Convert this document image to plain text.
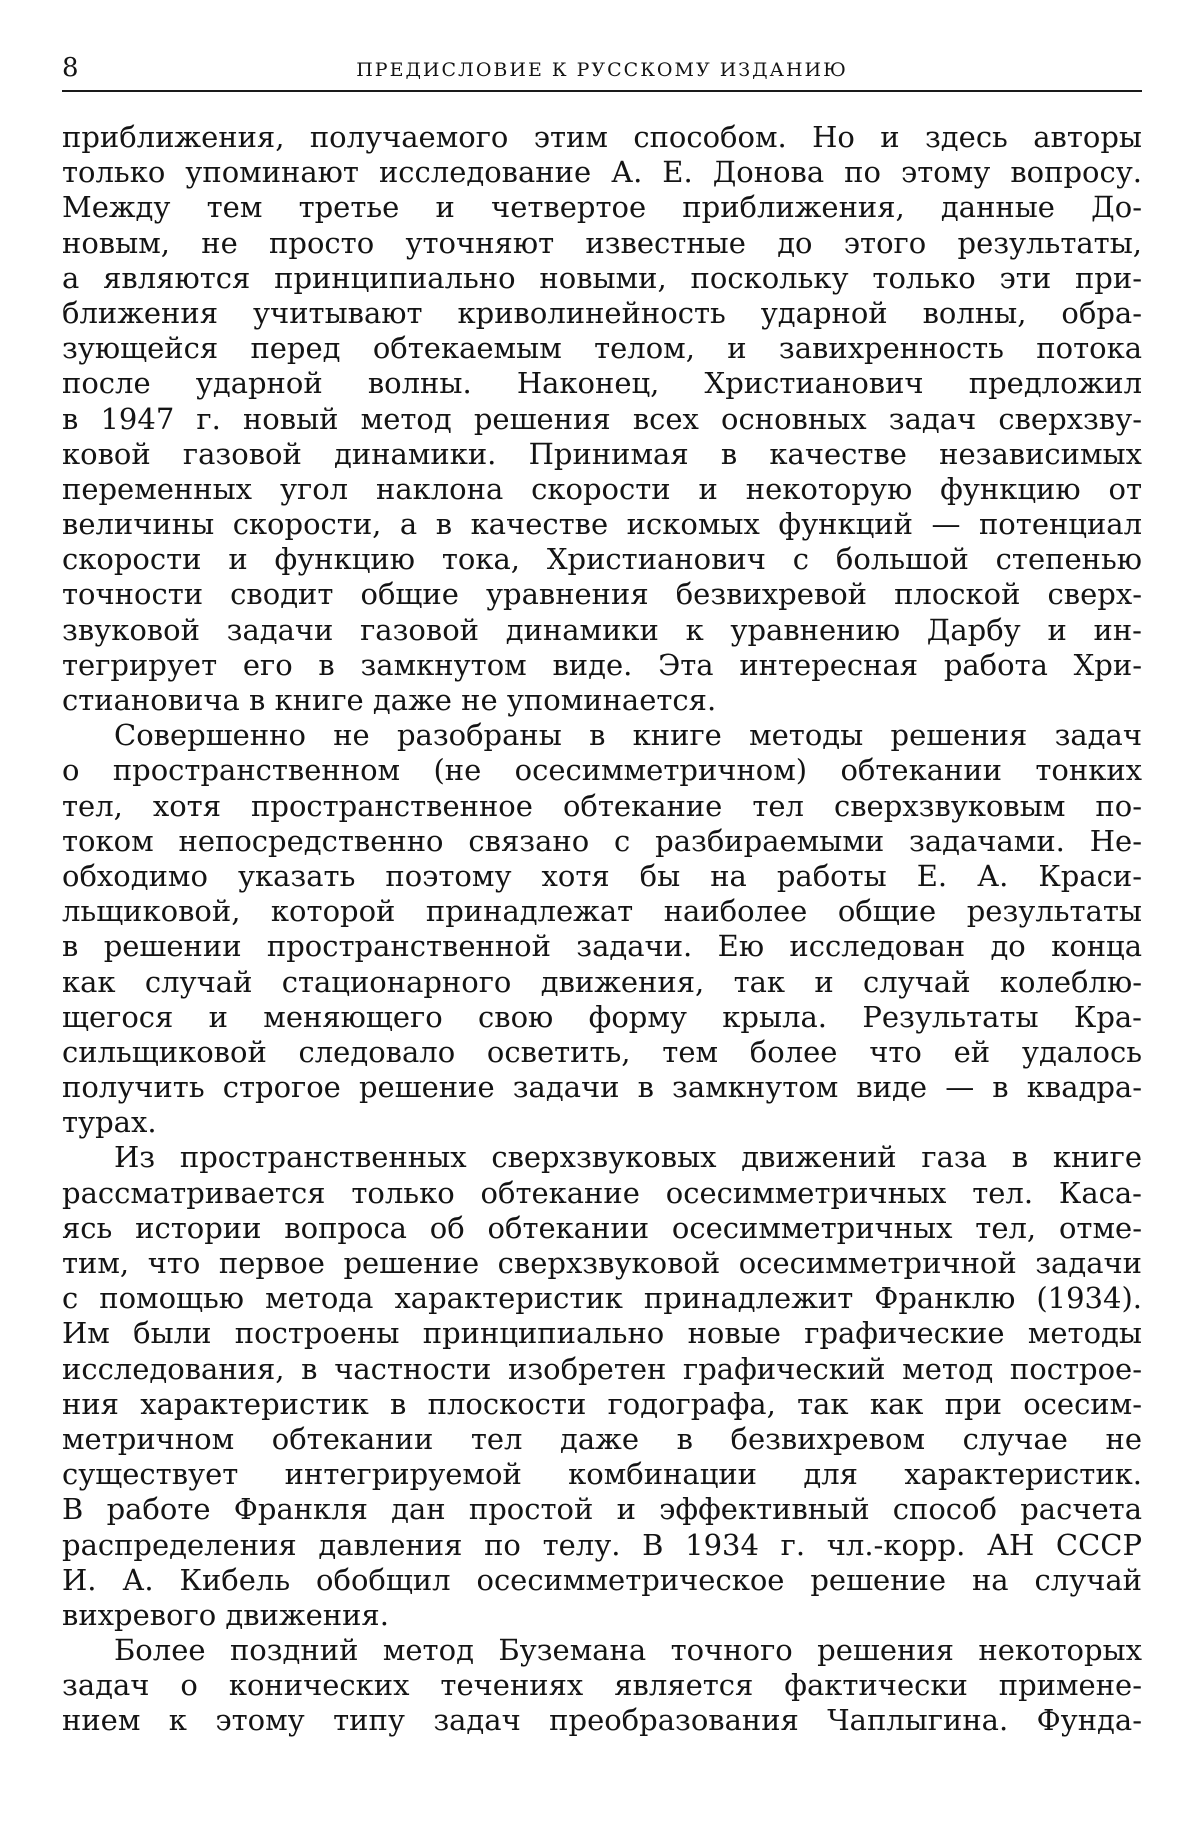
8	ПРЕДИСЛОВИЕ К РУССКОМУ ИЗДАНИЮ
приближения, получаемого этим способом. Но и здесь авторы
только упоминают исследование А. Е. Донова по этому вопросу.
Между тем третье и четвертое приближения, данные До-
новым, не просто уточняют известные до этого результаты,
а являются принципиально новыми, поскольку только эти при-
ближения учитывают криволинейность ударной волны, обра-
зующейся перед обтекаемым телом, и завихренность потока
после ударной волны. Наконец, Христианович предложил
в 1947 г. новый метод решения всех основных задач сверхзву-
ковой газовой динамики. Принимая в качестве независимых
переменных угол наклона скорости и некоторую функцию от
величины скорости, а в качестве искомых функций — потенциал
скорости и функцию тока, Христианович с большой степенью
точности сводит общие уравнения безвихревой плоской сверх-
звуковой задачи газовой динамики к уравнению Дарбу и ин-
тегрирует его в замкнутом виде. Эта интересная работа Хри-
стиановича в книге даже не упоминается.
Совершенно не разобраны в книге методы решения задач
о пространственном (не осесимметричном) обтекании тонких
тел, хотя пространственное обтекание тел сверхзвуковым по-
током непосредственно связано с разбираемыми задачами. Не-
обходимо указать поэтому хотя бы на работы Е. А. Краси-
льщиковой, которой принадлежат наиболее общие результаты
в решении пространственной задачи. Ею исследован до конца
как случай стационарного движения, так и случай колеблю-
щегося и меняющего свою форму крыла. Результаты Кра-
сильщиковой следовало осветить, тем более что ей удалось
получить строгое решение задачи в замкнутом виде — в квадра-
турах.
Из пространственных сверхзвуковых движений газа в книге
рассматривается только обтекание осесимметричных тел. Каса-
ясь истории вопроса об обтекании осесимметричных тел, отме-
тим, что первое решение сверхзвуковой осесимметричной задачи
с помощью метода характеристик принадлежит Франклю (1934).
Им были построены принципиально новые графические методы
исследования, в частности изобретен графический метод построе-
ния характеристик в плоскости годографа, так как при осесим-
метричном обтекании тел даже в безвихревом случае не
существует интегрируемой комбинации для характеристик.
В работе Франкля дан простой и эффективный способ расчета
распределения давления по телу. В 1934 г. чл.-корр. АН СССР
И. А. Кибель обобщил осесимметрическое решение на случай
вихревого движения.
Более поздний метод Буземана точного решения некоторых
задач о конических течениях является фактически примене-
нием к этому типу задач преобразования Чаплыгина. Фунда-
